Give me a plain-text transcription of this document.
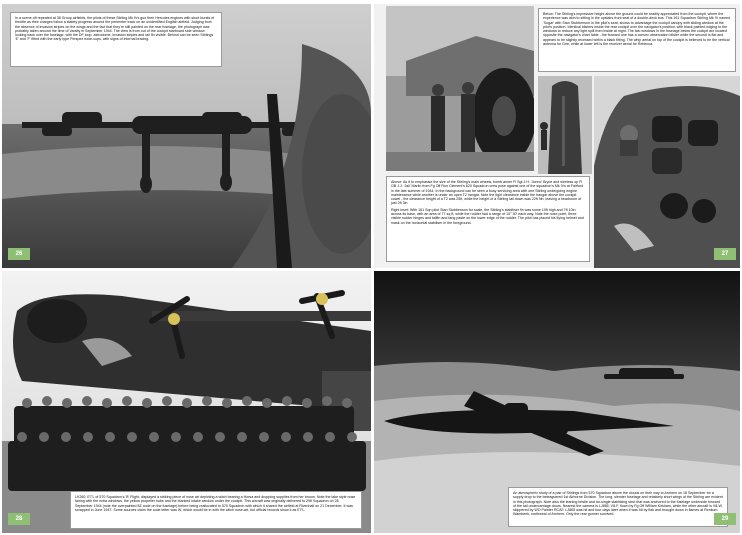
In a scene oft repeated at 38 Group airfields, the pilots of these Stirling Mk IVs gun their Hercules engines with short bursts of throttle as their charges follow a stately progress around the perimeter track on an unidentified English airfield. Judging from the absence of invasion stripes on the wings and the fact that they're still painted on the rear fuselage, the photograph was probably taken around the time of Varsity in September 1944. The view is from out of the cockpit starboard side window looking back over the fuselage, with the DF loop, astrodome, invasion stripes and tail fin visible. Behind can be seen Stirlings 'E' and 'F' fitted with the early type Perspex nose-cups, with signs of internal bracing.

26

Below: The Stirling's impressive height above the ground could be readily appreciated from the cockpit, where the experience was akin to sitting in the upstairs front seat of a double-deck bus. This 161 Squadron Stirling Mk IV named 'Sugar' with Stan Stubbenson in the pilot's seat, shows to advantage the cockpit canopy with sliding window at the pilot's position. Identical blisters inside the rear cockpit over the navigator's position, with black painted edging to the windows to reduce any light spill from inside at night. The two windows in the fuselage below the cockpit are located opposite the navigator's chart table - the forward one has a convex observation blister while the second is flat and appears to be slightly recessed within a black fitting. The whip aerial on top of the cockpit is believed to be the vertical antenna for Gee, while at lower left is the receiver aerial for Rebecca.

Above: As if to emphasise the size of the Stirling's main wheels, bomb aimer Fl Sgt J.H. 'Jonno' Bryce and wireless op Fl OB J.J. 'Jail' Marlin from Fg Off Ron Clement's 620 Squadron crew pose against one of the squadron's Mk IVs at Fairford in the late summer of 1944. In the background can be seen a busy servicing area with one Stirling undergoing engine maintenance while another is under an open T2 hangar. Note the tight clearance inside the hangar above the cockpit cowel - the clearance height of a T2 was 25ft, while the height of a Stirling tail down was 22ft 9in, leaving a headroom of just 2ft 3in.

Right inset: With 161 Sqn pilot Stan Stubbenson for scale, the Stirling's stabiliser fin was some 10ft high and 7ft 10in across its base, with an area of 77 sq ft, while the rudder had a range of 10° 30' each way. Note the nose point, three visible rudder hinges and tailfin and tang paste on the lower edge of the rudder. The pilot has placed his flying helmet and mask on the horizontal stabiliser in the foreground.

27

LK260, E7'L of 570 Squadron's 'B' Flight, displayed a striking piece of nose art depicting a witch bearing a Horsa and dropping supplies from her broom. Note the lake style nose fairing with the extra windows, the yellow propeller hubs and the blanked intake window under the cockpit. This aircraft was originally delivered to 296 Squadron on 28 September 1944 (note the overpainted 8Z code on the fuselage) before being reallocated to 570 Squadron with which it shared the airfield at Rivenhall on 21 December. It was scrapped in June 1947. Some sources claim the code letter was W, which would be in with the witch nose-art, but official records show it as E7'L.

28

An atmospheric study of a pair of Stirlings from 570 Squadron above the clouds on their way to Arnhem on 18 September for a supply drop to the beleaguered 1st Airborne Division. The long, slender fuselage and relatively short wings of the Stirling are evident in this photograph. Note also the leaning bristle and do-single stabilising strut that was anchored to the fuselage underside forward of the tail undercarriage doors. Nearest the camera is LJ865, V8-F, flown by Fg Off William Kirkham, while the other aircraft is V8-W, skippered by WO Painter RCAF. LJ865 was hit and four days later when it was hit by flak and brought down in flames at Renkum Wambeek, northwest of Arnhem. Only the rear gunner survived.

29
